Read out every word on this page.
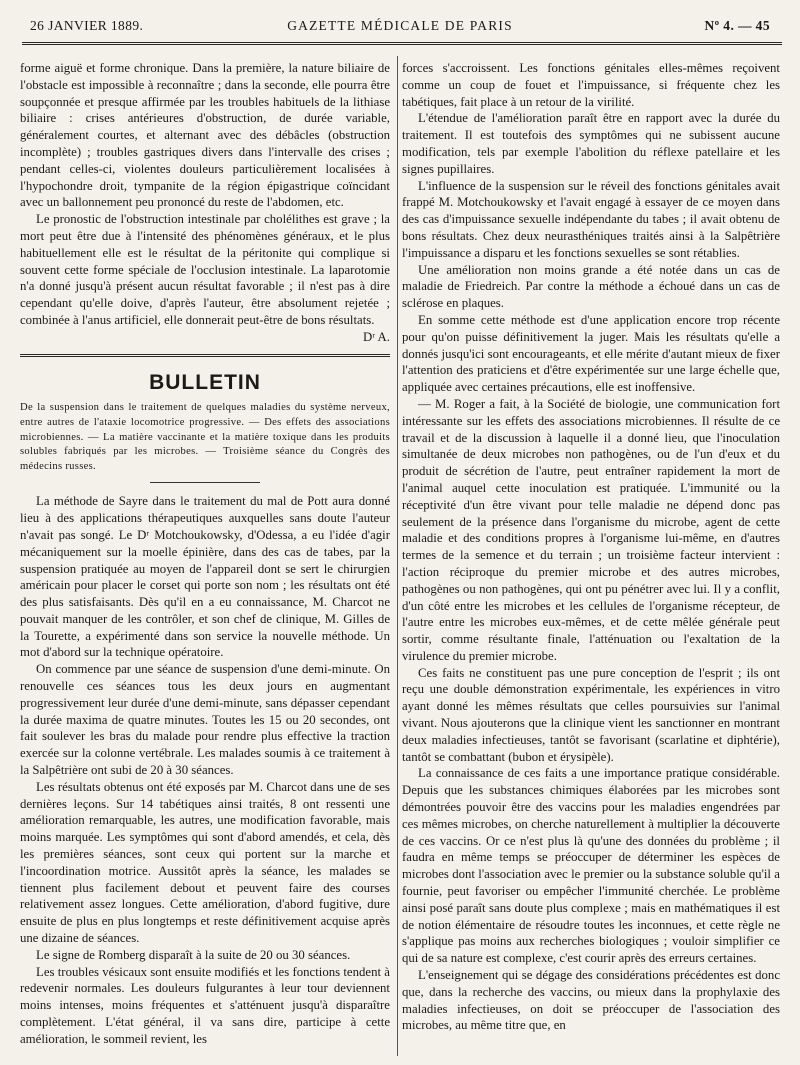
26 JANVIER 1889.	GAZETTE MÉDICALE DE PARIS	Nº 4. — 45

forme aiguë et forme chronique. Dans la première, la nature biliaire de l'obstacle est impossible à reconnaître ; dans la seconde, elle pourra être soupçonnée et presque affirmée par les troubles habituels de la lithiase biliaire : crises antérieures d'obstruction, de durée variable, généralement courtes, et alternant avec des débâcles (obstruction incomplète) ; troubles gastriques divers dans l'intervalle des crises ; pendant celles-ci, violentes douleurs particulièrement localisées à l'hypochondre droit, tympanite de la région épigastrique coïncidant avec un ballonnement peu prononcé du reste de l'abdomen, etc.

Le pronostic de l'obstruction intestinale par cholélithes est grave ; la mort peut être due à l'intensité des phénomènes généraux, et le plus habituellement elle est le résultat de la péritonite qui complique si souvent cette forme spéciale de l'occlusion intestinale. La laparotomie n'a donné jusqu'à présent aucun résultat favorable ; il n'est pas à dire cependant qu'elle doive, d'après l'auteur, être absolument rejetée ; combinée à l'anus artificiel, elle donnerait peut-être de bons résultats.

Dʳ A.

BULLETIN

De la suspension dans le traitement de quelques maladies du système nerveux, entre autres de l'ataxie locomotrice progressive. — Des effets des associations microbiennes. — La matière vaccinante et la matière toxique dans les produits solubles fabriqués par les microbes. — Troisième séance du Congrès des médecins russes.

La méthode de Sayre dans le traitement du mal de Pott aura donné lieu à des applications thérapeutiques auxquelles sans doute l'auteur n'avait pas songé. Le Dʳ Motchoukowsky, d'Odessa, a eu l'idée d'agir mécaniquement sur la moelle épinière, dans des cas de tabes, par la suspension pratiquée au moyen de l'appareil dont se sert le chirurgien américain pour placer le corset qui porte son nom ; les résultats ont été des plus satisfaisants. Dès qu'il en a eu connaissance, M. Charcot ne pouvait manquer de les contrôler, et son chef de clinique, M. Gilles de la Tourette, a expérimenté dans son service la nouvelle méthode. Un mot d'abord sur la technique opératoire.

On commence par une séance de suspension d'une demi-minute. On renouvelle ces séances tous les deux jours en augmentant progressivement leur durée d'une demi-minute, sans dépasser cependant la durée maxima de quatre minutes. Toutes les 15 ou 20 secondes, ont fait soulever les bras du malade pour rendre plus effective la traction exercée sur la colonne vertébrale. Les malades soumis à ce traitement à la Salpêtrière ont subi de 20 à 30 séances.

Les résultats obtenus ont été exposés par M. Charcot dans une de ses dernières leçons. Sur 14 tabétiques ainsi traités, 8 ont ressenti une amélioration remarquable, les autres, une modification favorable, mais moins marquée. Les symptômes qui sont d'abord amendés, et cela, dès les premières séances, sont ceux qui portent sur la marche et l'incoordination motrice. Aussitôt après la séance, les malades se tiennent plus facilement debout et peuvent faire des courses relativement assez longues. Cette amélioration, d'abord fugitive, dure ensuite de plus en plus longtemps et reste définitivement acquise après une dizaine de séances.

Le signe de Romberg disparaît à la suite de 20 ou 30 séances.

Les troubles vésicaux sont ensuite modifiés et les fonctions tendent à redevenir normales. Les douleurs fulgurantes à leur tour deviennent moins intenses, moins fréquentes et s'atténuent jusqu'à disparaître complètement. L'état général, il va sans dire, participe à cette amélioration, le sommeil revient, les

forces s'accroissent. Les fonctions génitales elles-mêmes reçoivent comme un coup de fouet et l'impuissance, si fréquente chez les tabétiques, fait place à un retour de la virilité.

L'étendue de l'amélioration paraît être en rapport avec la durée du traitement. Il est toutefois des symptômes qui ne subissent aucune modification, tels par exemple l'abolition du réflexe patellaire et les signes pupillaires.

L'influence de la suspension sur le réveil des fonctions génitales avait frappé M. Motchoukowsky et l'avait engagé à essayer de ce moyen dans des cas d'impuissance sexuelle indépendante du tabes ; il avait obtenu de bons résultats. Chez deux neurasthéniques traités ainsi à la Salpêtrière l'impuissance a disparu et les fonctions sexuelles se sont rétablies.

Une amélioration non moins grande a été notée dans un cas de maladie de Friedreich. Par contre la méthode a échoué dans un cas de sclérose en plaques.

En somme cette méthode est d'une application encore trop récente pour qu'on puisse définitivement la juger. Mais les résultats qu'elle a donnés jusqu'ici sont encourageants, et elle mérite d'autant mieux de fixer l'attention des praticiens et d'être expérimentée sur une large échelle que, appliquée avec certaines précautions, elle est inoffensive.

— M. Roger a fait, à la Société de biologie, une communication fort intéressante sur les effets des associations microbiennes. Il résulte de ce travail et de la discussion à laquelle il a donné lieu, que l'inoculation simultanée de deux microbes non pathogènes, ou de l'un d'eux et du produit de sécrétion de l'autre, peut entraîner rapidement la mort de l'animal auquel cette inoculation est pratiquée. L'immunité ou la réceptivité d'un être vivant pour telle maladie ne dépend donc pas seulement de la présence dans l'organisme du microbe, agent de cette maladie et des conditions propres à l'organisme lui-même, en d'autres termes de la semence et du terrain ; un troisième facteur intervient : l'action réciproque du premier microbe et des autres microbes, pathogènes ou non pathogènes, qui ont pu pénétrer avec lui. Il y a conflit, d'un côté entre les microbes et les cellules de l'organisme récepteur, de l'autre entre les microbes eux-mêmes, et de cette mêlée générale peut sortir, comme résultante finale, l'atténuation ou l'exaltation de la virulence du premier microbe.

Ces faits ne constituent pas une pure conception de l'esprit ; ils ont reçu une double démonstration expérimentale, les expériences in vitro ayant donné les mêmes résultats que celles poursuivies sur l'animal vivant. Nous ajouterons que la clinique vient les sanctionner en montrant deux maladies infectieuses, tantôt se favorisant (scarlatine et diphtérie), tantôt se combattant (bubon et érysipèle).

La connaissance de ces faits a une importance pratique considérable. Depuis que les substances chimiques élaborées par les microbes sont démontrées pouvoir être des vaccins pour les maladies engendrées par ces mêmes microbes, on cherche naturellement à multiplier la découverte de ces vaccins. Or ce n'est plus là qu'une des données du problème ; il faudra en même temps se préoccuper de déterminer les espèces de microbes dont l'association avec le premier ou la substance soluble qu'il a fournie, peut favoriser ou empêcher l'immunité cherchée. Le problème ainsi posé paraît sans doute plus complexe ; mais en mathématiques il est de notion élémentaire de résoudre toutes les inconnues, et cette règle ne s'applique pas moins aux recherches biologiques ; vouloir simplifier ce qui de sa nature est complexe, c'est courir après des erreurs certaines.

L'enseignement qui se dégage des considérations précédentes est donc que, dans la recherche des vaccins, ou mieux dans la prophylaxie des maladies infectieuses, on doit se préoccuper de l'association des microbes, au même titre que, en
